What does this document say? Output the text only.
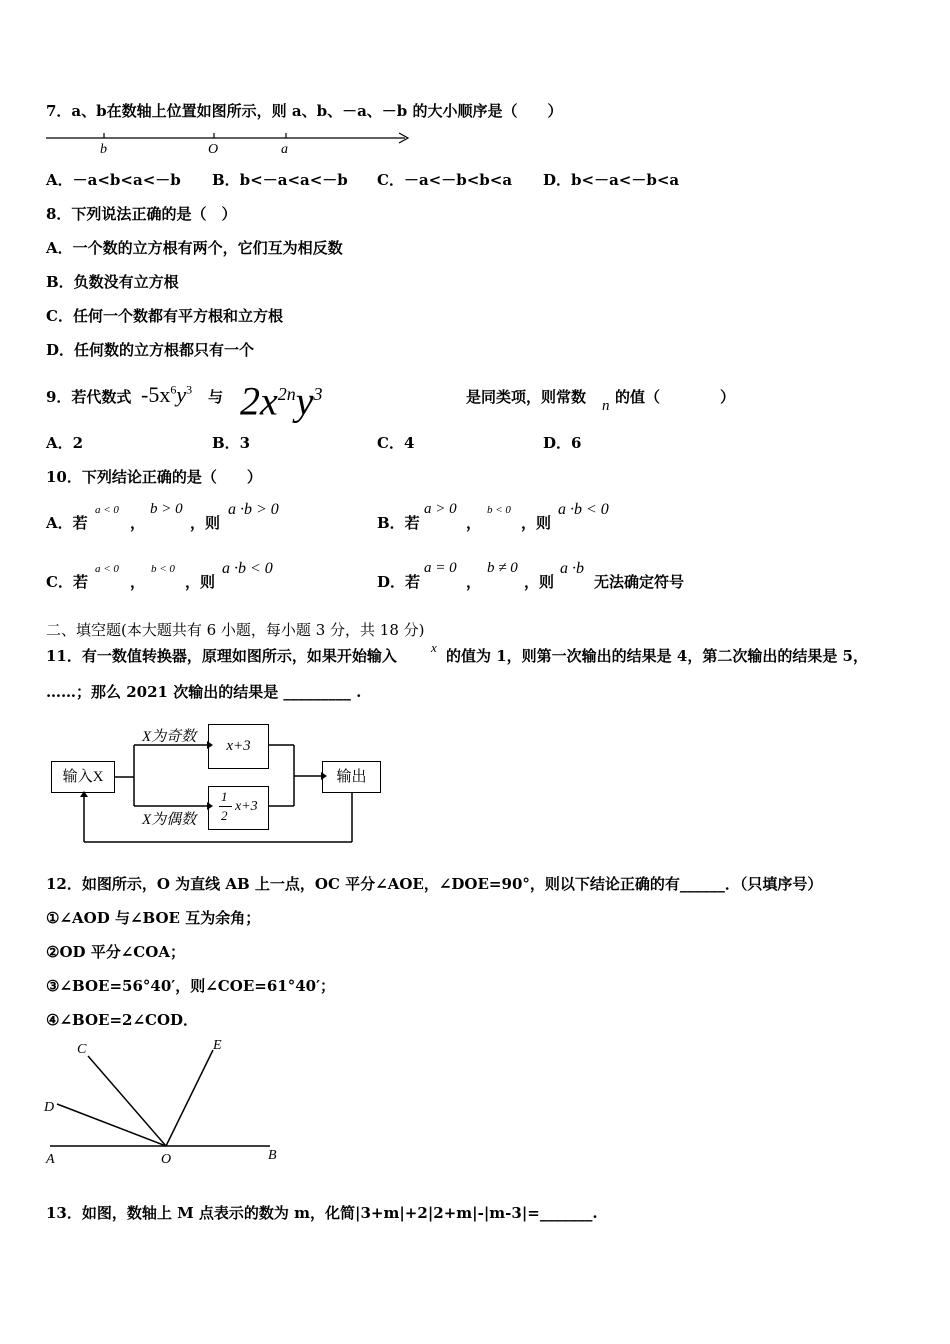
7．a、b在数轴上位置如图所示，则 a、b、－a、－b 的大小顺序是（　　）
b	O	a
A．－a<b<a<－b B．b<－a<a<－b C．－a<－b<b<a D．b<－a<－b<a
8．下列说法正确的是（　）
A．一个数的立方根有两个，它们互为相反数
B．负数没有立方根
C．任何一个数都有平方根和立方根
D．任何数的立方根都只有一个
9．若代数式 $-5x^6y^3$ 与 $2x^{2n}y^3$	是同类项，则常数 n 的值（　　　　）
A．2	B．3	C．4	D．6
10．下列结论正确的是（　　）
A．若
a < 0
，
b > 0
，则
a ·b > 0
B．若
a > 0
，
b < 0
，则
a ·b < 0
C．若
a < 0
，
b < 0
，则
a ·b < 0
D．若
a = 0
，
b ≠ 0
，则
a ·b
无法确定符号
二、填空题(本大题共有 6 小题，每小题 3 分，共 18 分)
11．有一数值转换器，原理如图所示，如果开始输入	x 的值为 1，则第一次输出的结果是 4，第二次输出的结果是 5，
……；那么 2021 次输出的结果是 _________ .
输入X
X为奇数
x+3
X为偶数
1
2
x+3
输出
12．如图所示，O 为直线 AB 上一点，OC 平分∠AOE，∠DOE=90°，则以下结论正确的有______．（只填序号）
①∠AOD 与∠BOE 互为余角；
②OD 平分∠COA；
③∠BOE=56°40′，则∠COE=61°40′；
④∠BOE=2∠COD．
C	E
D
A	O	B
13．如图，数轴上 M 点表示的数为 m，化简|3+m|+2|2+m|-|m-3|=_______.
